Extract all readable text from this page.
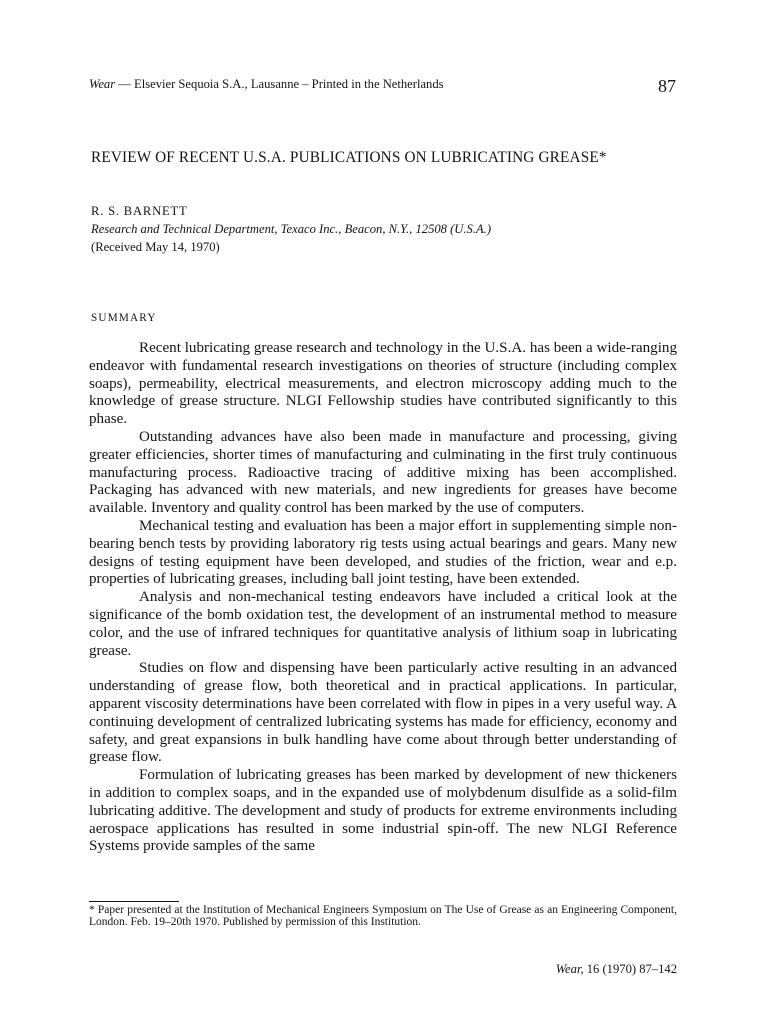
Wear — Elsevier Sequoia S.A., Lausanne – Printed in the Netherlands	87
REVIEW OF RECENT U.S.A. PUBLICATIONS ON LUBRICATING GREASE*
R. S. BARNETT
Research and Technical Department, Texaco Inc., Beacon, N.Y., 12508 (U.S.A.)
(Received May 14, 1970)
SUMMARY

Recent lubricating grease research and technology in the U.S.A. has been a wide-ranging endeavor with fundamental research investigations on theories of structure (including complex soaps), permeability, electrical measurements, and electron microscopy adding much to the knowledge of grease structure. NLGI Fellowship studies have contributed significantly to this phase.

Outstanding advances have also been made in manufacture and processing, giving greater efficiencies, shorter times of manufacturing and culminating in the first truly continuous manufacturing process. Radioactive tracing of additive mixing has been accomplished. Packaging has advanced with new materials, and new ingredients for greases have become available. Inventory and quality control has been marked by the use of computers.

Mechanical testing and evaluation has been a major effort in supplementing simple non-bearing bench tests by providing laboratory rig tests using actual bearings and gears. Many new designs of testing equipment have been developed, and studies of the friction, wear and e.p. properties of lubricating greases, including ball joint testing, have been extended.

Analysis and non-mechanical testing endeavors have included a critical look at the significance of the bomb oxidation test, the development of an instrumental method to measure color, and the use of infrared techniques for quantitative analysis of lithium soap in lubricating grease.

Studies on flow and dispensing have been particularly active resulting in an advanced understanding of grease flow, both theoretical and in practical applications. In particular, apparent viscosity determinations have been correlated with flow in pipes in a very useful way. A continuing development of centralized lubricating systems has made for efficiency, economy and safety, and great expansions in bulk handling have come about through better understanding of grease flow.

Formulation of lubricating greases has been marked by development of new thickeners in addition to complex soaps, and in the expanded use of molybdenum disulfide as a solid-film lubricating additive. The development and study of products for extreme environments including aerospace applications has resulted in some industrial spin-off. The new NLGI Reference Systems provide samples of the same

* Paper presented at the Institution of Mechanical Engineers Symposium on The Use of Grease as an Engineering Component, London. Feb. 19–20th 1970. Published by permission of this Institution.
Wear, 16 (1970) 87–142
